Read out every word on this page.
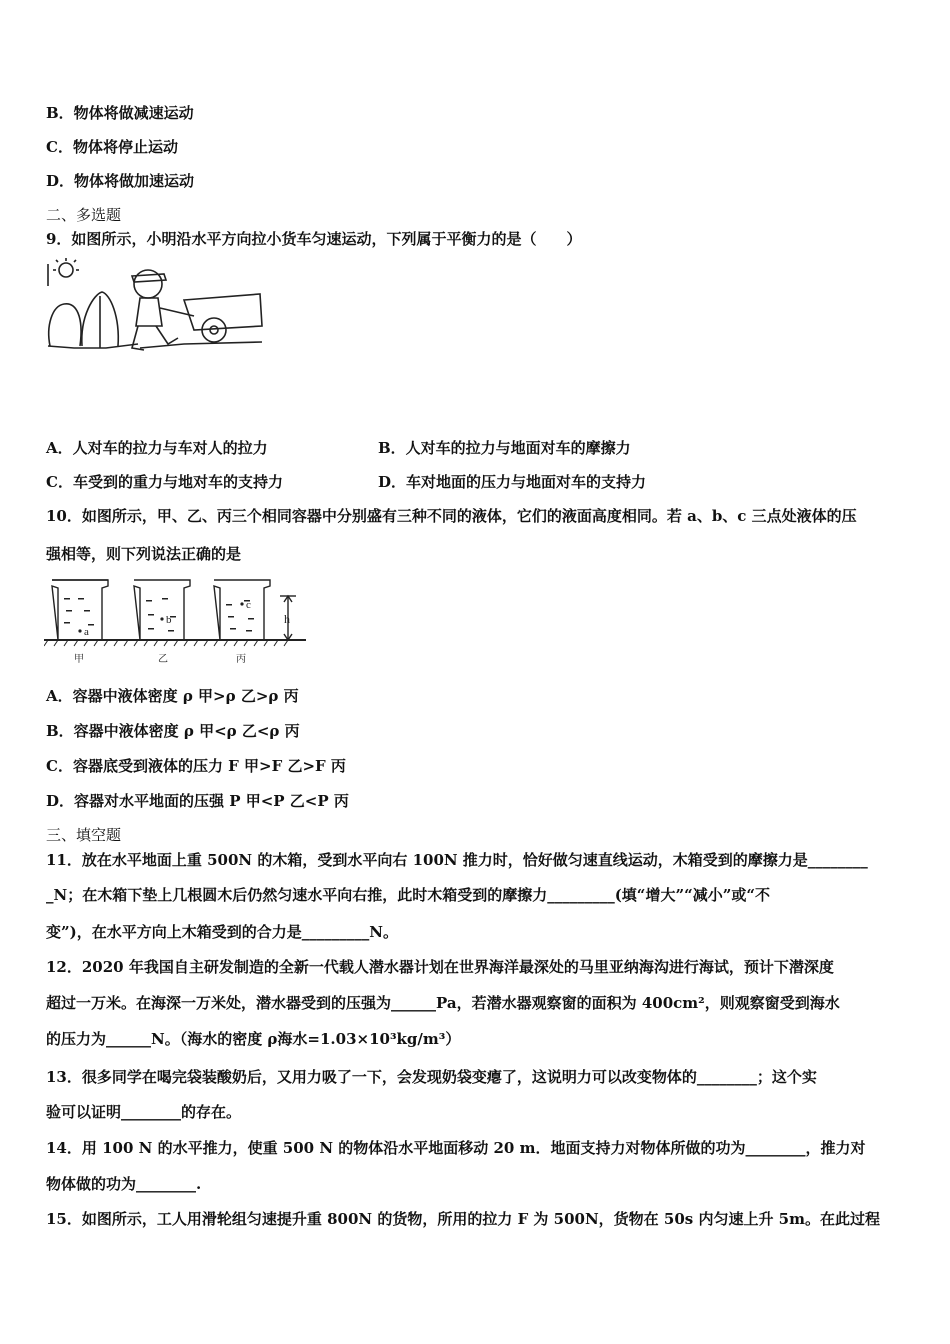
B．物体将做减速运动
C．物体将停止运动
D．物体将做加速运动
二、多选题
9．如图所示，小明沿水平方向拉小货车匀速运动，下列属于平衡力的是（　　）
A．人对车的拉力与车对人的拉力	B．人对车的拉力与地面对车的摩擦力
C．车受到的重力与地对车的支持力	D．车对地面的压力与地面对车的支持力
10．如图所示，甲、乙、丙三个相同容器中分别盛有三种不同的液体，它们的液面高度相同。若 a、b、c 三点处液体的压
强相等，则下列说法正确的是
a
b
c
h
甲	乙	丙
A．容器中液体密度 ρ 甲>ρ 乙>ρ 丙
B．容器中液体密度 ρ 甲<ρ 乙<ρ 丙
C．容器底受到液体的压力 F 甲>F 乙>F 丙
D．容器对水平地面的压强 P 甲<P 乙<P 丙
三、填空题
11．放在水平地面上重 500N 的木箱，受到水平向右 100N 推力时，恰好做匀速直线运动，木箱受到的摩擦力是________
_N；在木箱下垫上几根圆木后仍然匀速水平向右推，此时木箱受到的摩擦力_________(填“增大”“减小”或“不
变”)，在水平方向上木箱受到的合力是_________N。
12．2020 年我国自主研发制造的全新一代载人潜水器计划在世界海洋最深处的马里亚纳海沟进行海试，预计下潜深度
超过一万米。在海深一万米处，潜水器受到的压强为______Pa，若潜水器观察窗的面积为 400cm²，则观察窗受到海水
的压力为______N。（海水的密度 ρ海水=1.03×10³kg/m³）
13．很多同学在喝完袋装酸奶后，又用力吸了一下，会发现奶袋变瘪了，这说明力可以改变物体的________；这个实
验可以证明________的存在。
14．用 100 N 的水平推力，使重 500 N 的物体沿水平地面移动 20 m．地面支持力对物体所做的功为________，推力对
物体做的功为________.
15．如图所示，工人用滑轮组匀速提升重 800N 的货物，所用的拉力 F 为 500N，货物在 50s 内匀速上升 5m。在此过程
